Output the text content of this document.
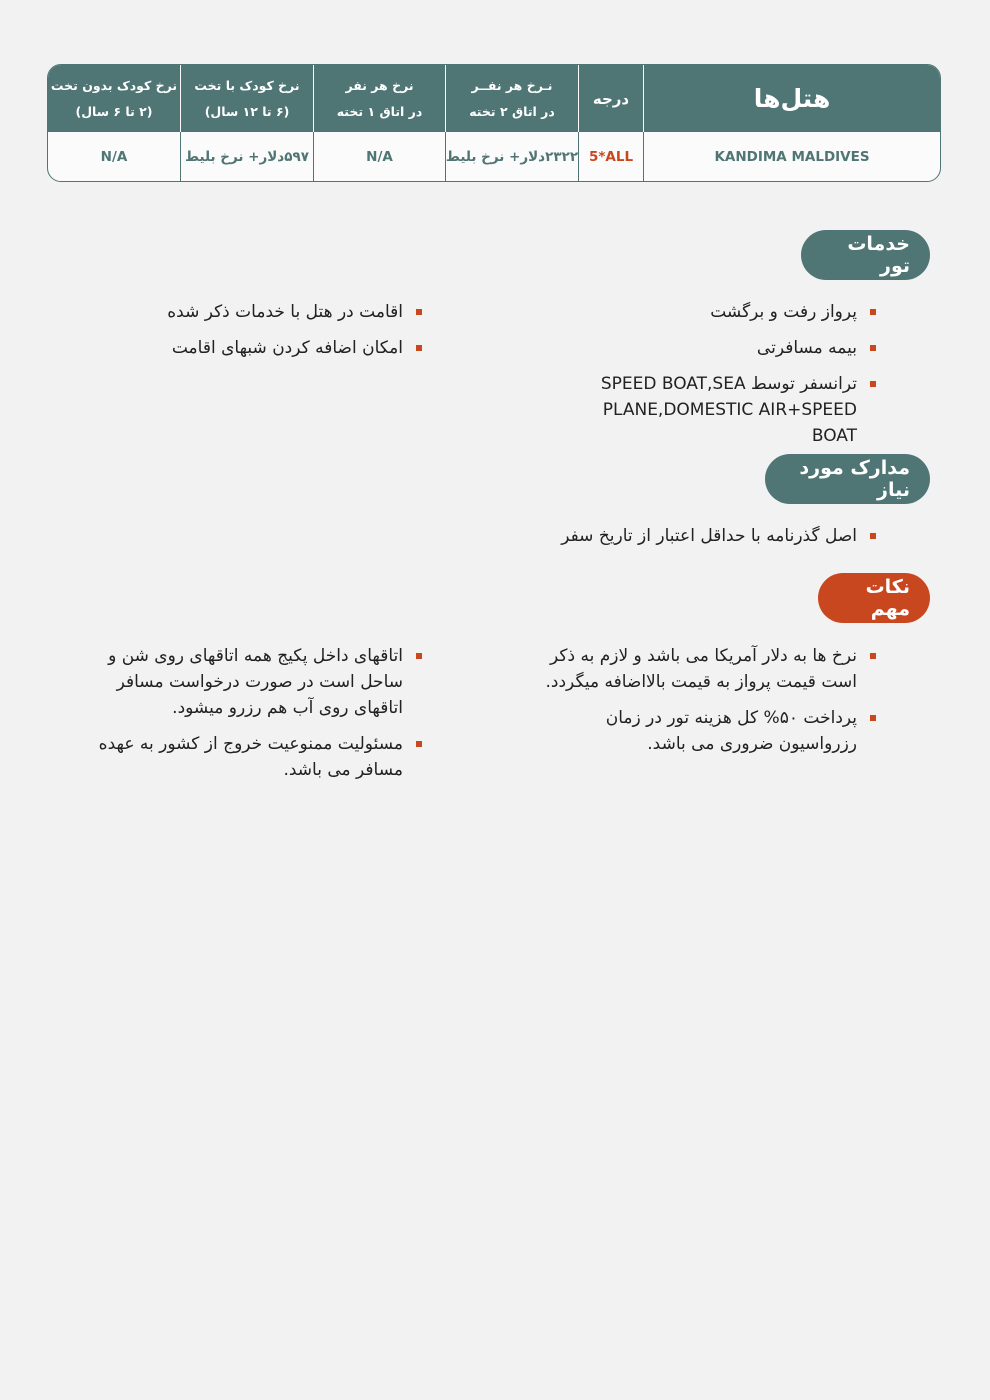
هتل‌ها
درجه
نـرخ هر نفــر
در اتاق ۲ تخته
نرخ هر نفر
در اتاق ۱ تخته
نرخ کودک با تخت
(۶ تا ۱۲ سال)
نرخ کودک بدون تخت
(۲ تا ۶ سال)
KANDIMA MALDIVES
5*ALL
۲۳۲۲دلار+ نرخ بلیط
N/A
۵۹۷دلار+ نرخ بلیط
N/A
خدمات تور
پرواز رفت و برگشت
بیمه مسافرتی
ترانسفر توسط SPEED BOAT,SEA PLANE,DOMESTIC AIR+SPEED BOAT
اقامت در هتل با خدمات ذکر شده
امکان اضافه کردن شبهای اقامت
مدارک مورد نیاز
اصل گذرنامه با حداقل اعتبار از تاریخ سفر
نکات مهم
نرخ ها به دلار آمریکا می باشد و لازم به ذکر است قیمت پرواز به قیمت بالااضافه میگردد.
پرداخت ۵۰% کل هزینه تور در زمان رزرواسیون ضروری می باشد.
اتاقهای داخل پکیج همه اتاقهای روی شن و ساحل است در صورت درخواست مسافر اتاقهای روی آب هم رزرو میشود.
مسئولیت ممنوعیت خروج از کشور به عهده مسافر می باشد.
